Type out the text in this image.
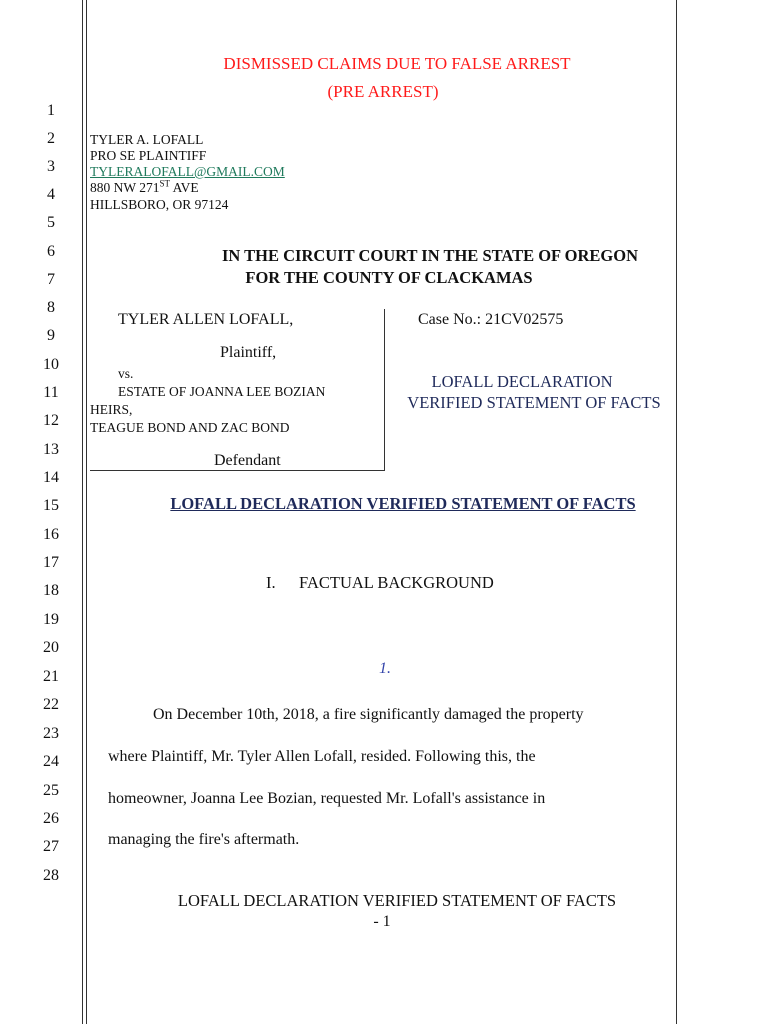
1
2
3
4
5
6
7
8
9
10
11
12
13
14
15
16
17
18
19
20
21
22
23
24
25
26
27
28
DISMISSED CLAIMS DUE TO FALSE ARREST
(PRE ARREST)
TYLER A. LOFALL
PRO SE PLAINTIFF
TYLERALOFALL@GMAIL.COM
880 NW 271ST AVE
HILLSBORO, OR 97124
IN THE CIRCUIT COURT IN THE STATE OF OREGON
FOR THE COUNTY OF CLACKAMAS
TYLER ALLEN LOFALL,
Plaintiff,
vs.
ESTATE OF JOANNA LEE BOZIAN
HEIRS,
TEAGUE BOND AND ZAC BOND
Defendant
Case No.: 21CV02575
LOFALL DECLARATION
VERIFIED STATEMENT OF FACTS
LOFALL DECLARATION VERIFIED STATEMENT OF FACTS
I. FACTUAL BACKGROUND
1.
On December 10th, 2018, a fire significantly damaged the property
where Plaintiff, Mr. Tyler Allen Lofall, resided. Following this, the
homeowner, Joanna Lee Bozian, requested Mr. Lofall's assistance in
managing the fire's aftermath.
LOFALL DECLARATION VERIFIED STATEMENT OF FACTS
- 1
